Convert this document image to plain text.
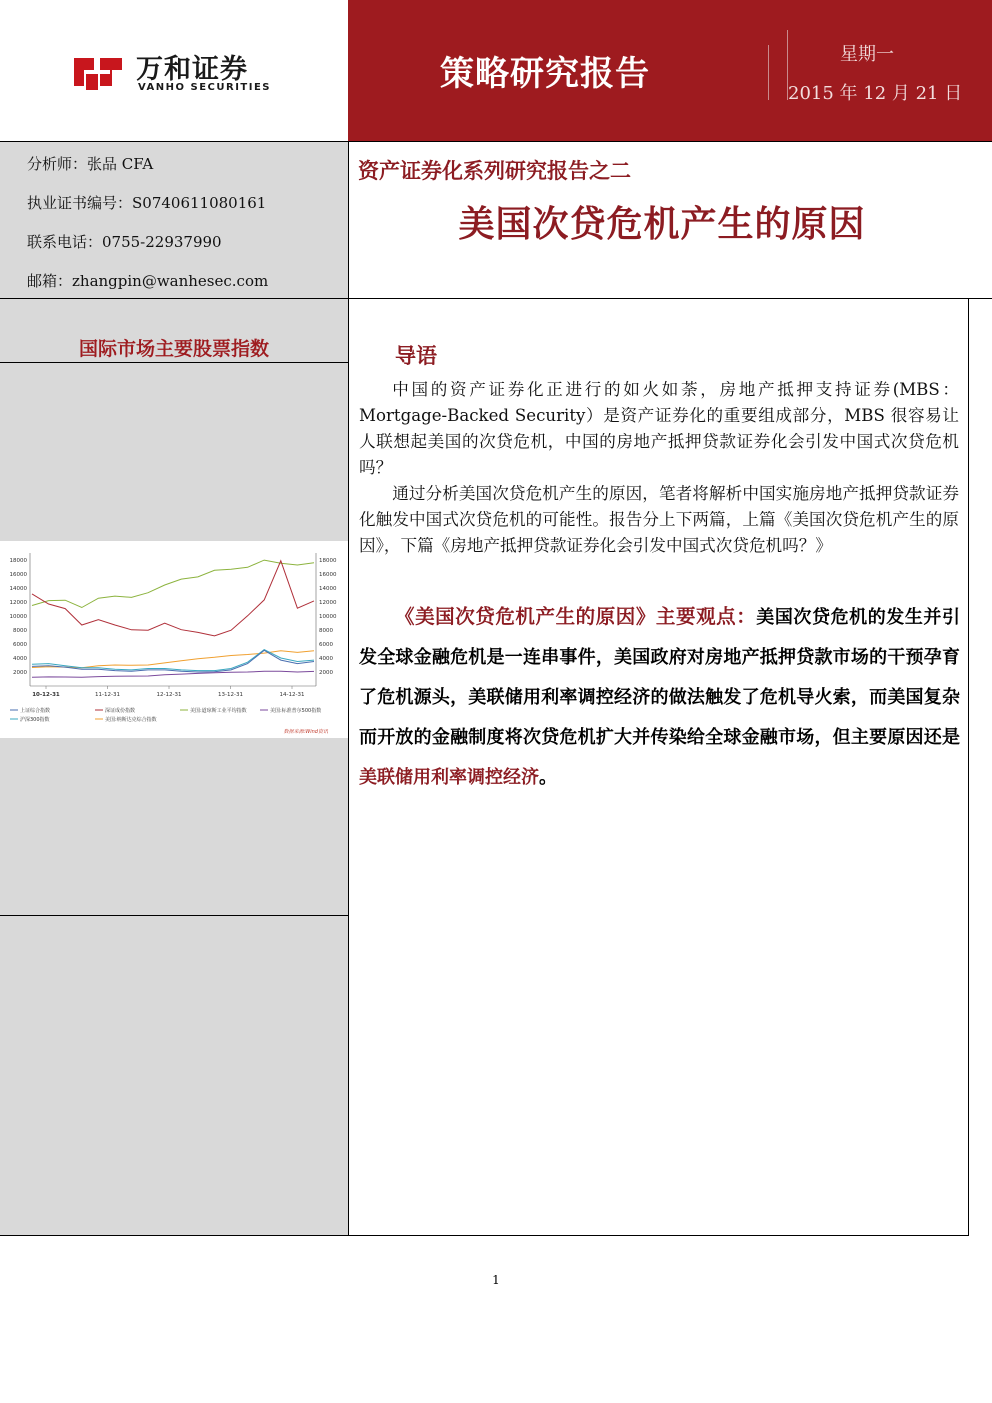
万和证券
VANHO SECURITIES	策略研究报告	星期一
2015 年 12 月 21 日
分析师：张品 CFA
执业证书编号：S0740611080161
联系电话：0755-22937990
邮箱：zhangpin@wanhesec.com
国际市场主要股票指数
2000	2000
4000	4000
6000	6000
8000	8000
10000	10000
12000	12000
14000	14000
16000	16000
18000	18000
10-12-31	11-12-31	12-12-31	13-12-31	14-12-31
上证综合指数	深证成份指数	美国:道琼斯工业平均指数	美国:标准普尔500指数
沪深300指数	美国:纳斯达克综合指数
数据来源:Wind资讯
资产证券化系列研究报告之二
美国次贷危机产生的原因
导语

中国的资产证券化正进行的如火如荼，房地产抵押支持证券(MBS：Mortgage-Backed Security）是资产证券化的重要组成部分，MBS 很容易让人联想起美国的次贷危机，中国的房地产抵押贷款证券化会引发中国式次贷危机吗？

通过分析美国次贷危机产生的原因，笔者将解析中国实施房地产抵押贷款证券化触发中国式次贷危机的可能性。报告分上下两篇，上篇《美国次贷危机产生的原因》，下篇《房地产抵押贷款证券化会引发中国式次贷危机吗？》

《美国次贷危机产生的原因》主要观点：美国次贷危机的发生并引发全球金融危机是一连串事件，美国政府对房地产抵押贷款市场的干预孕育了危机源头，美联储用利率调控经济的做法触发了危机导火索，而美国复杂而开放的金融制度将次贷危机扩大并传染给全球金融市场，但主要原因还是美联储用利率调控经济。

1
